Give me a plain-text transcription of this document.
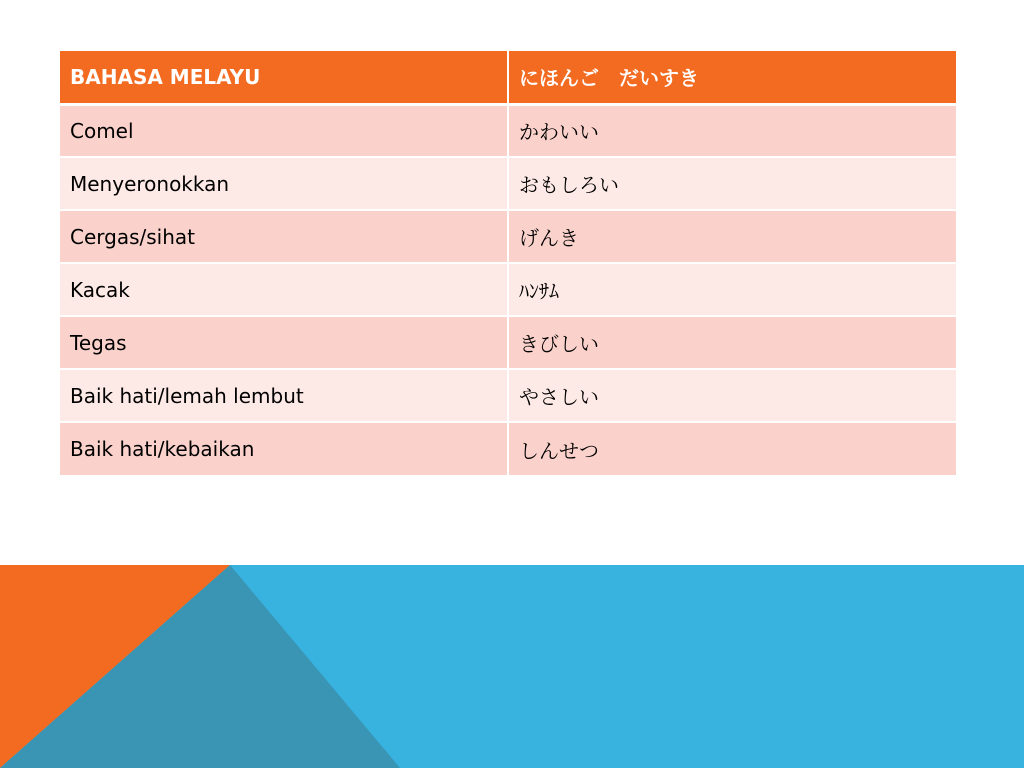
BAHASA MELAYU	にほんご　だいすき
Comel	かわいい
Menyeronokkan	おもしろい
Cergas/sihat	げんき
Kacak	ﾊﾝｻﾑ
Tegas	きびしい
Baik hati/lemah lembut	やさしい
Baik hati/kebaikan	しんせつ
